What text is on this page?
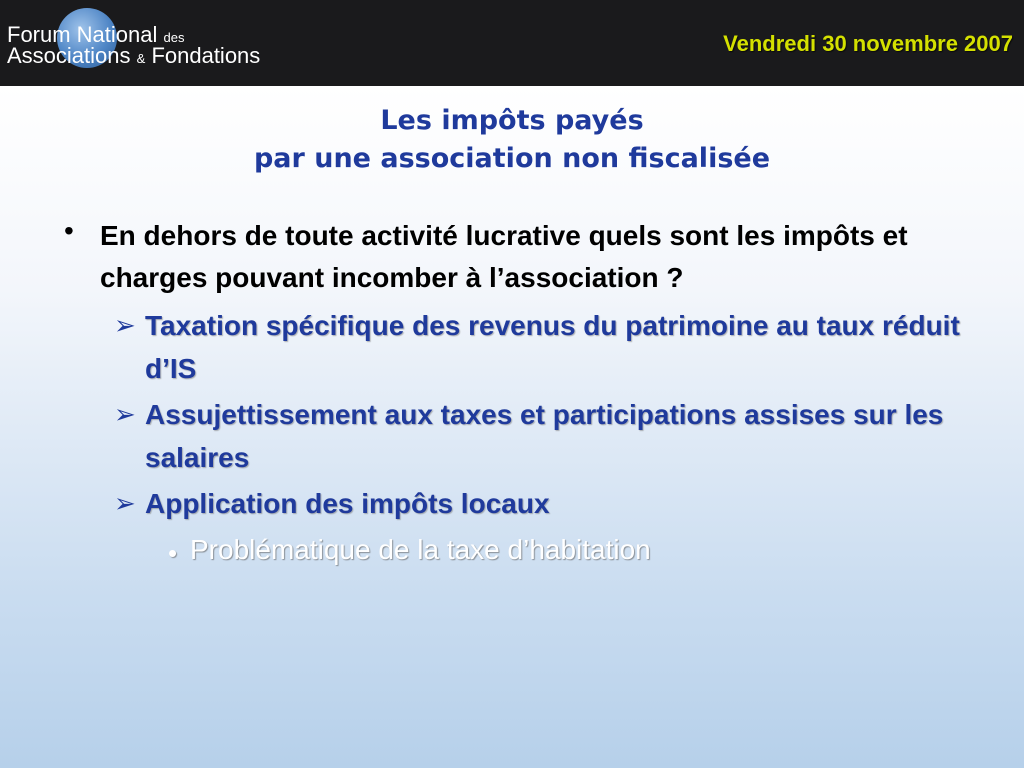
Forum National des
Associations & Fondations	Vendredi 30 novembre 2007
Les impôts payés
par une association non fiscalisée
• En dehors de toute activité lucrative quels sont les impôts et charges pouvant incomber à l’association ?
➢ Taxation spécifique des revenus du patrimoine au taux réduit d’IS
➢ Assujettissement aux taxes et participations assises sur les salaires
➢ Application des impôts locaux
• Problématique de la taxe d’habitation
